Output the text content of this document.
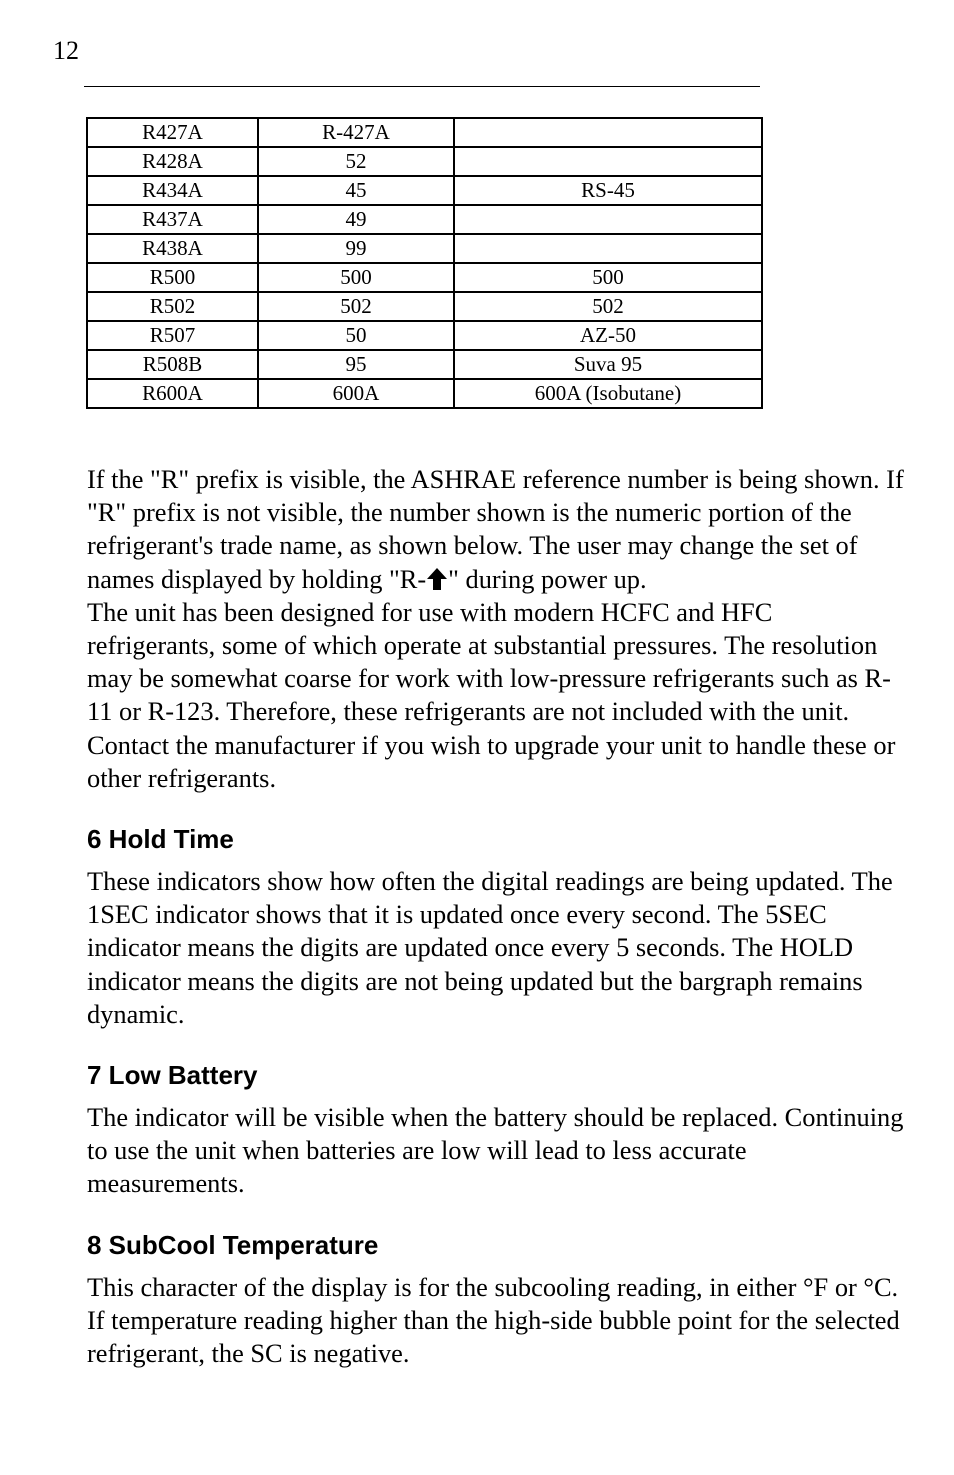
12
R427A	R-427A	
R428A	52	
R434A	45	RS-45
R437A	49	
R438A	99	
R500	500	500
R502	502	502
R507	50	AZ-50
R508B	95	Suva 95
R600A	600A	600A (Isobutane)

If the "R" prefix is visible, the ASHRAE reference number is being shown. If "R" prefix is not visible, the number shown is the numeric portion of the refrigerant's trade name, as shown below. The user may change the set of names displayed by holding "R- " during power up.

The unit has been designed for use with modern HCFC and HFC refrigerants, some of which operate at substantial pressures. The resolution may be somewhat coarse for work with low-pressure refrigerants such as R-11 or R-123. Therefore, these refrigerants are not included with the unit. Contact the manufacturer if you wish to upgrade your unit to handle these or other refrigerants.

6 Hold Time

These indicators show how often the digital readings are being updated. The 1SEC indicator shows that it is updated once every second. The 5SEC indicator means the digits are updated once every 5 seconds. The HOLD indicator means the digits are not being updated but the bargraph remains dynamic.

7 Low Battery

The indicator will be visible when the battery should be replaced. Continuing to use the unit when batteries are low will lead to less accurate measurements.

8 SubCool Temperature

This character of the display is for the subcooling reading, in either °F or °C. If temperature reading higher than the high-side bubble point for the selected refrigerant, the SC is negative.
